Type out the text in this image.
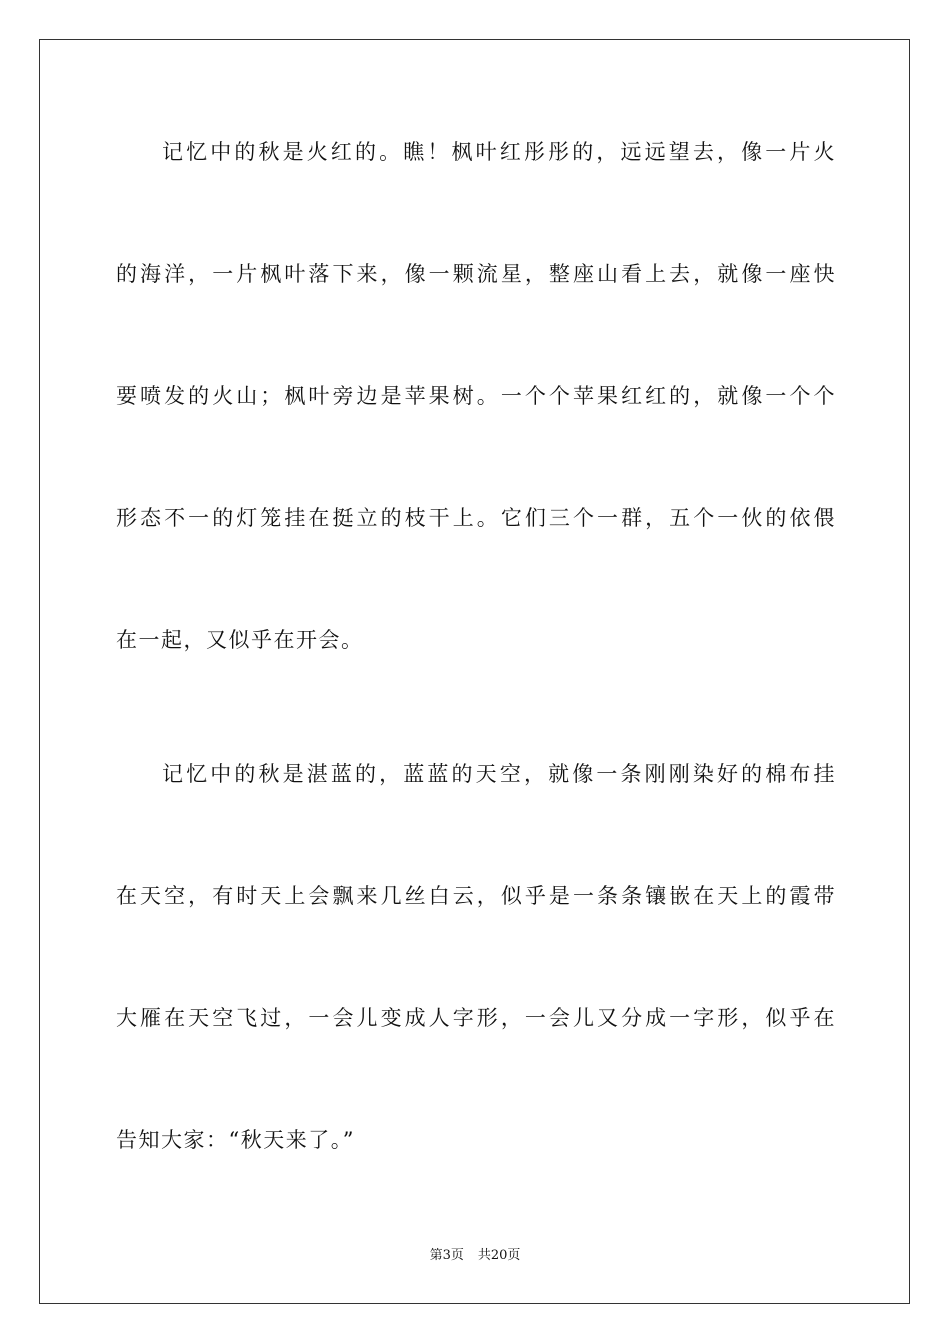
记忆中的秋是火红的。瞧！枫叶红彤彤的，远远望去，像一片火
的海洋，一片枫叶落下来，像一颗流星，整座山看上去，就像一座快
要喷发的火山；枫叶旁边是苹果树。一个个苹果红红的，就像一个个
形态不一的灯笼挂在挺立的枝干上。它们三个一群，五个一伙的依偎
在一起，又似乎在开会。
记忆中的秋是湛蓝的，蓝蓝的天空，就像一条刚刚染好的棉布挂
在天空，有时天上会飘来几丝白云，似乎是一条条镶嵌在天上的霞带
大雁在天空飞过，一会儿变成人字形，一会儿又分成一字形，似乎在
告知大家：“秋天来了。”
第3页 共20页
